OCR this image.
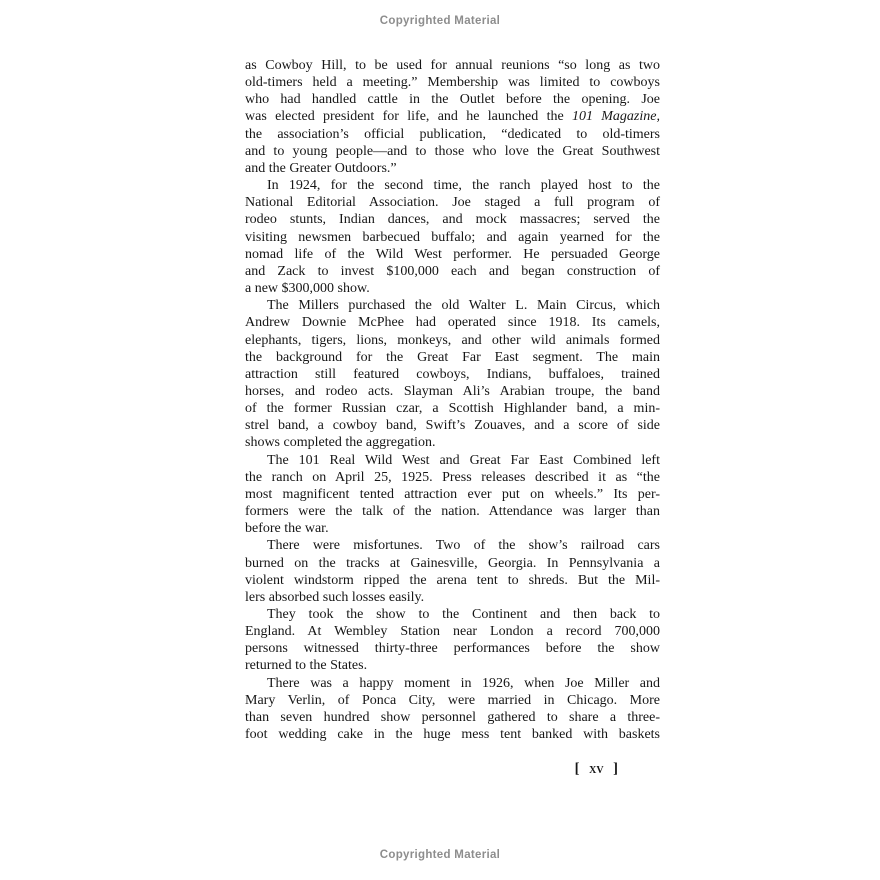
Copyrighted Material
as Cowboy Hill, to be used for annual reunions “so long as two
old-timers held a meeting.” Membership was limited to cowboys
who had handled cattle in the Outlet before the opening. Joe
was elected president for life, and he launched the 101 Magazine,
the association’s official publication, “dedicated to old-timers
and to young people—and to those who love the Great Southwest
and the Greater Outdoors.”
In 1924, for the second time, the ranch played host to the
National Editorial Association. Joe staged a full program of
rodeo stunts, Indian dances, and mock massacres; served the
visiting newsmen barbecued buffalo; and again yearned for the
nomad life of the Wild West performer. He persuaded George
and Zack to invest $100,000 each and began construction of
a new $300,000 show.
The Millers purchased the old Walter L. Main Circus, which
Andrew Downie McPhee had operated since 1918. Its camels,
elephants, tigers, lions, monkeys, and other wild animals formed
the background for the Great Far East segment. The main
attraction still featured cowboys, Indians, buffaloes, trained
horses, and rodeo acts. Slayman Ali’s Arabian troupe, the band
of the former Russian czar, a Scottish Highlander band, a min-
strel band, a cowboy band, Swift’s Zouaves, and a score of side
shows completed the aggregation.
The 101 Real Wild West and Great Far East Combined left
the ranch on April 25, 1925. Press releases described it as “the
most magnificent tented attraction ever put on wheels.” Its per-
formers were the talk of the nation. Attendance was larger than
before the war.
There were misfortunes. Two of the show’s railroad cars
burned on the tracks at Gainesville, Georgia. In Pennsylvania a
violent windstorm ripped the arena tent to shreds. But the Mil-
lers absorbed such losses easily.
They took the show to the Continent and then back to
England. At Wembley Station near London a record 700,000
persons witnessed thirty-three performances before the show
returned to the States.
There was a happy moment in 1926, when Joe Miller and
Mary Verlin, of Ponca City, were married in Chicago. More
than seven hundred show personnel gathered to share a three-
foot wedding cake in the huge mess tent banked with baskets
[ xv ]
Copyrighted Material
